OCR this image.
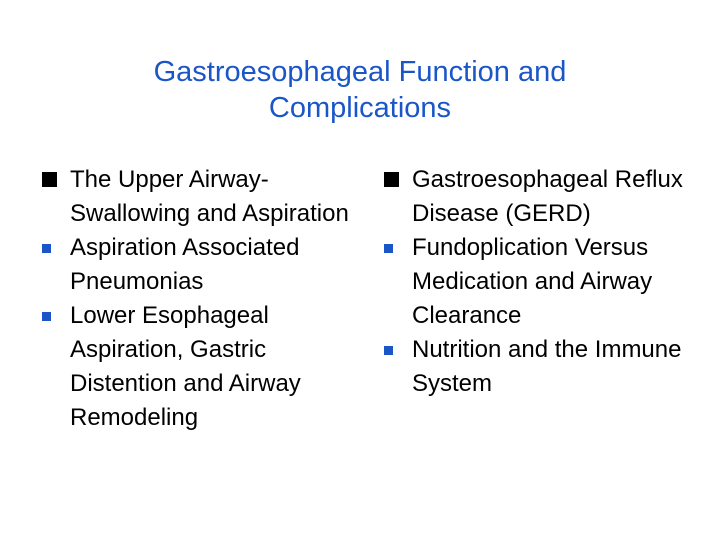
Gastroesophageal Function and
Complications
The Upper Airway- Swallowing and Aspiration
Aspiration Associated Pneumonias
Lower Esophageal Aspiration, Gastric Distention and Airway Remodeling
Gastroesophageal Reflux Disease (GERD)
Fundoplication Versus Medication and Airway Clearance
Nutrition and the Immune System
